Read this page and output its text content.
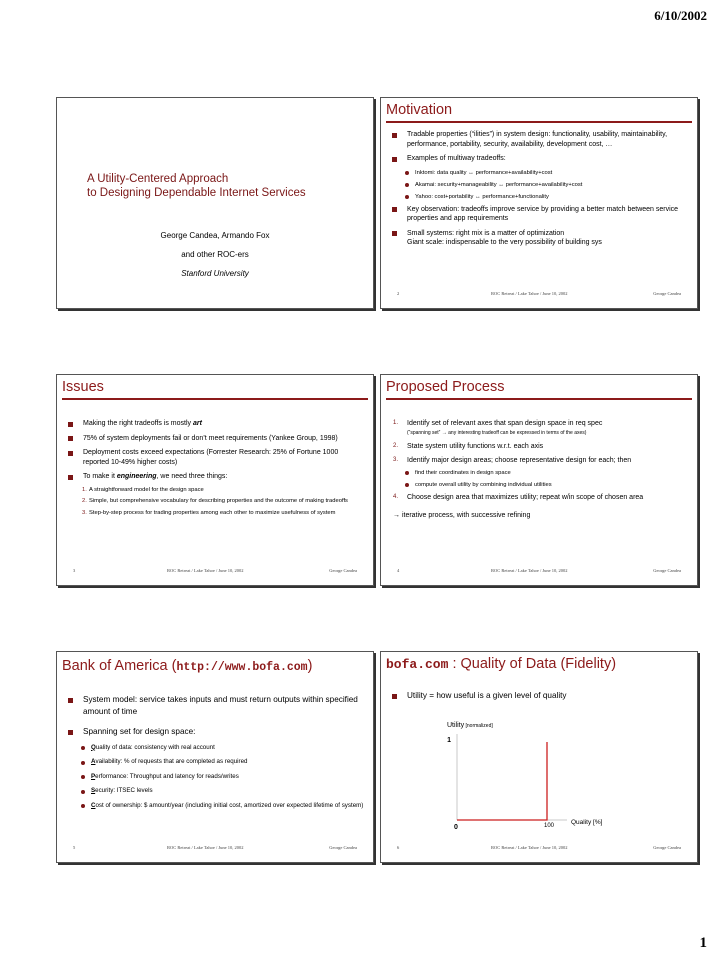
6/10/2002
A Utility-Centered Approach
to Designing Dependable Internet Services
George Candea, Armando Fox
and other ROC-ers
Stanford University
Motivation
Tradable properties (“ilities”) in system design: functionality, usability, maintainability, performance, portability, security, availability, development cost, …
Examples of multiway tradeoffs:
Inktomi: data quality ↔ performance+availability+cost
Akamai: security+manageability ↔ performance+availability+cost
Yahoo: cost+portability ↔ performance+functionality
Key observation: tradeoffs improve service by providing a better match between service properties and app requirements
Small systems: right mix is a matter of optimization
Giant scale: indispensable to the very possibility of building sys
2	ROC Retreat / Lake Tahoe / June 10, 2002	George Candea
Issues
Making the right tradeoffs is mostly art
75% of system deployments fail or don’t meet requirements (Yankee Group, 1998)
Deployment costs exceed expectations (Forrester Research: 25% of Fortune 1000 reported 10-49% higher costs)
To make it engineering, we need three things:
1. A straightforward model for the design space
2. Simple, but comprehensive vocabulary for describing properties and the outcome of making tradeoffs
3. Step-by-step process for trading properties among each other to maximize usefulness of system
3	ROC Retreat / Lake Tahoe / June 10, 2002	George Candea
Proposed Process
1. Identify set of relevant axes that span design space in req spec
(“spanning set” → any interesting tradeoff can be expressed in terms of the axes)
2. State system utility functions w.r.t. each axis
3. Identify major design areas; choose representative design for each; then
find their coordinates in design space
compute overall utility by combining individual utilities
4. Choose design area that maximizes utility; repeat w/in scope of chosen area
→ iterative process, with successive refining
4	ROC Retreat / Lake Tahoe / June 10, 2002	George Candea
Bank of America (http://www.bofa.com)
System model: service takes inputs and must return outputs within specified amount of time
Spanning set for design space:
Quality of data: consistency with real account
Availability: % of requests that are completed as required
Performance: Throughput and latency for reads/writes
Security: ITSEC levels
Cost of ownership: $ amount/year (including initial cost, amortized over expected lifetime of system)
5	ROC Retreat / Lake Tahoe / June 10, 2002	George Candea
bofa.com : Quality of Data (Fidelity)
Utility = how useful is a given level of quality
Utility [normalized]
1
0	100	Quality [%]
6	ROC Retreat / Lake Tahoe / June 10, 2002	George Candea
1
